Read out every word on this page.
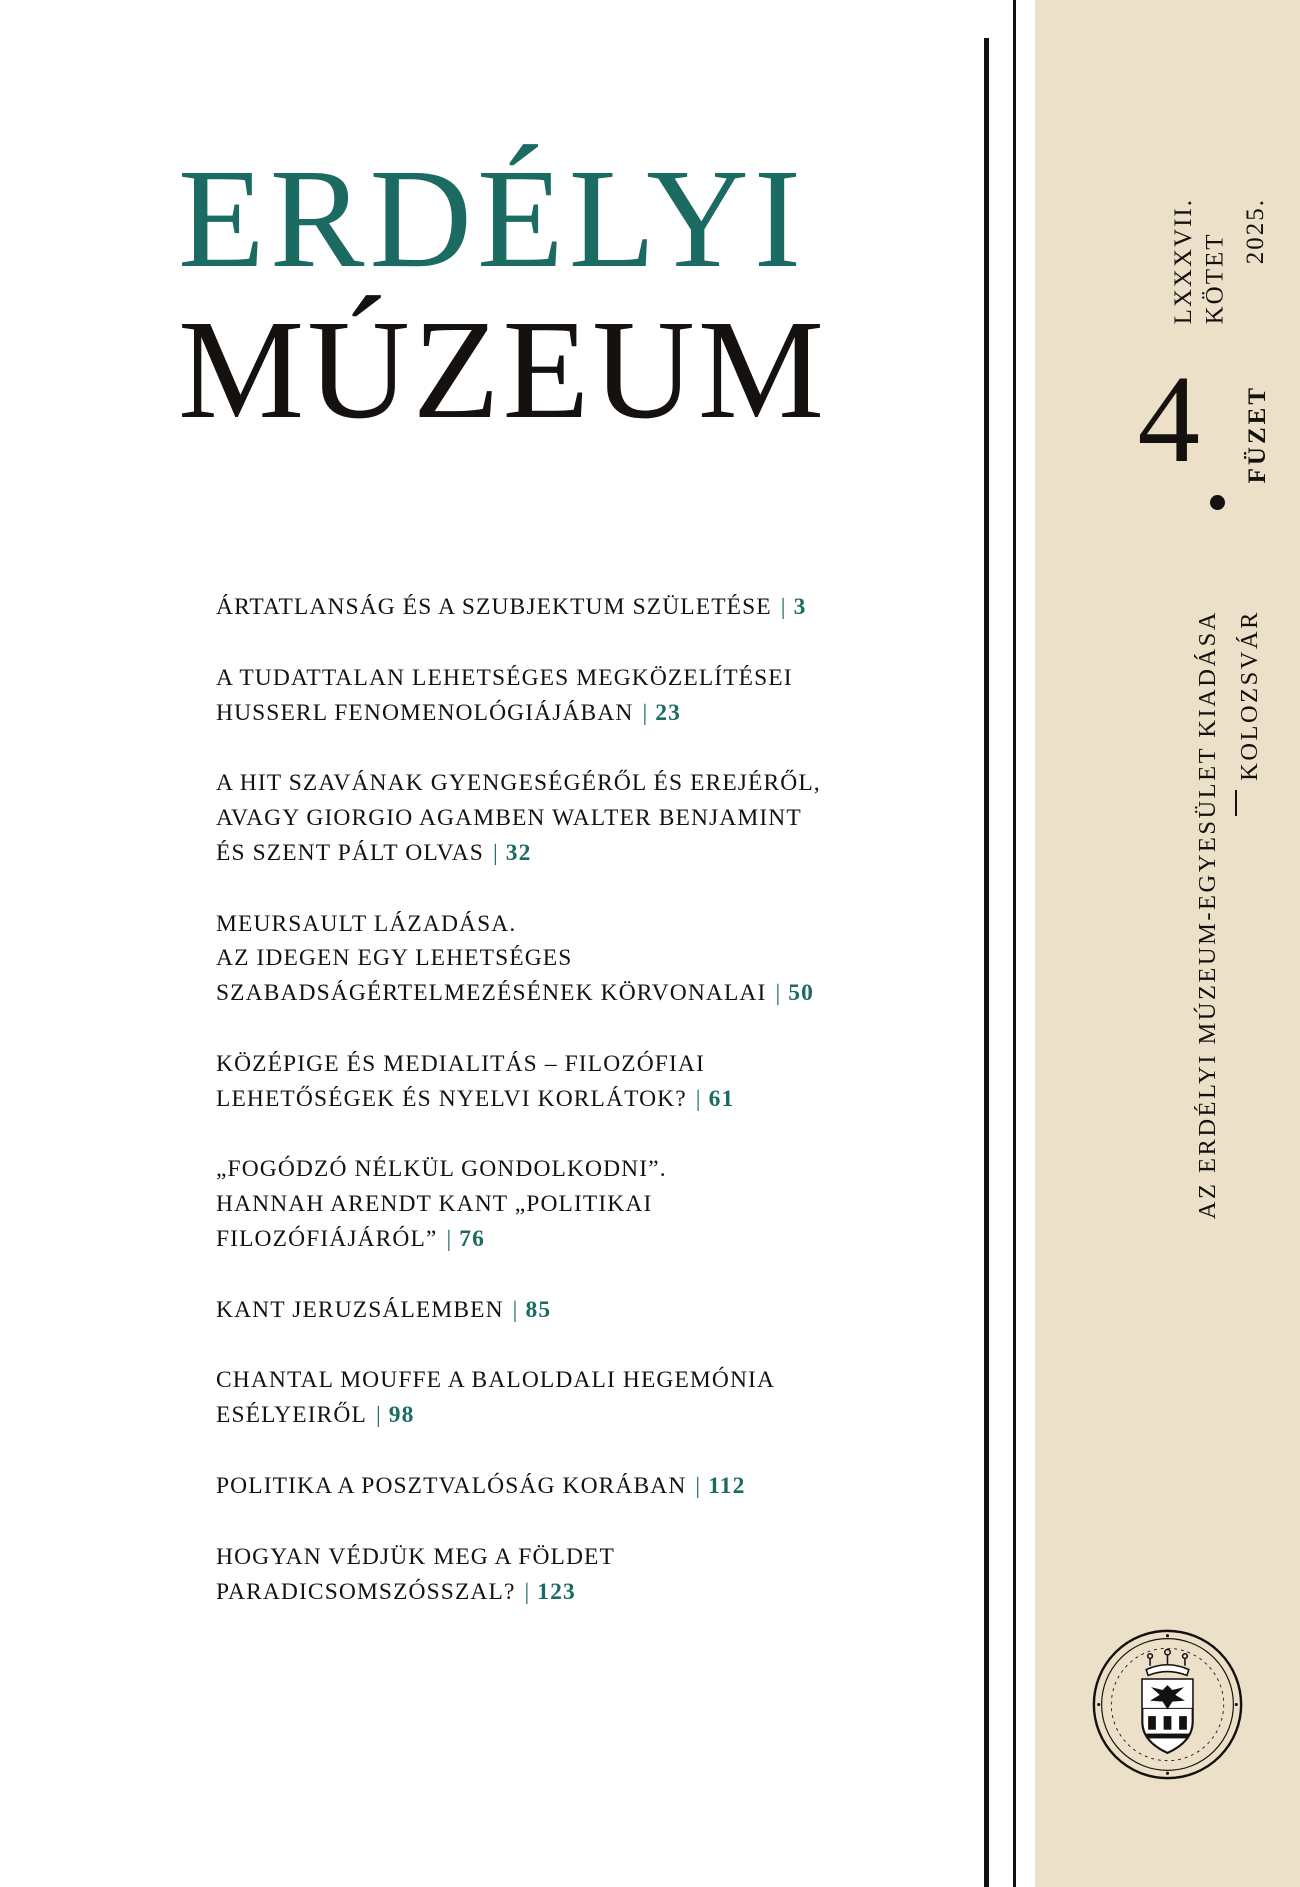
ERDÉLYI
MÚZEUM
LXXXVII. KÖTET
2025.
4 FÜZET
AZ ERDÉLYI MÚZEUM-EGYESÜLET KIADÁSA KOLOZSVÁR
ÁRTATLANSÁG ÉS A SZUBJEKTUM SZÜLETÉSE | 3
A TUDATTALAN LEHETSÉGES MEGKÖZELÍTÉSEI
HUSSERL FENOMENOLÓGIÁJÁBAN | 23
A HIT SZAVÁNAK GYENGESÉGÉRŐL ÉS EREJÉRŐL,
AVAGY GIORGIO AGAMBEN WALTER BENJAMINT
ÉS SZENT PÁLT OLVAS | 32
MEURSAULT LÁZADÁSA.
AZ IDEGEN EGY LEHETSÉGES
SZABADSÁGÉRTELMEZÉSÉNEK KÖRVONALAI | 50
KÖZÉPIGE ÉS MEDIALITÁS – FILOZÓFIAI
LEHETŐSÉGEK ÉS NYELVI KORLÁTOK? | 61
„FOGÓDZÓ NÉLKÜL GONDOLKODNI”.
HANNAH ARENDT KANT „POLITIKAI
FILOZÓFIÁJÁRÓL” | 76
KANT JERUZSÁLEMBEN | 85
CHANTAL MOUFFE A BALOLDALI HEGEMÓNIA
ESÉLYEIRŐL | 98
POLITIKA A POSZTVALÓSÁG KORÁBAN | 112
HOGYAN VÉDJÜK MEG A FÖLDET
PARADICSOMSZÓSSZAL? | 123
